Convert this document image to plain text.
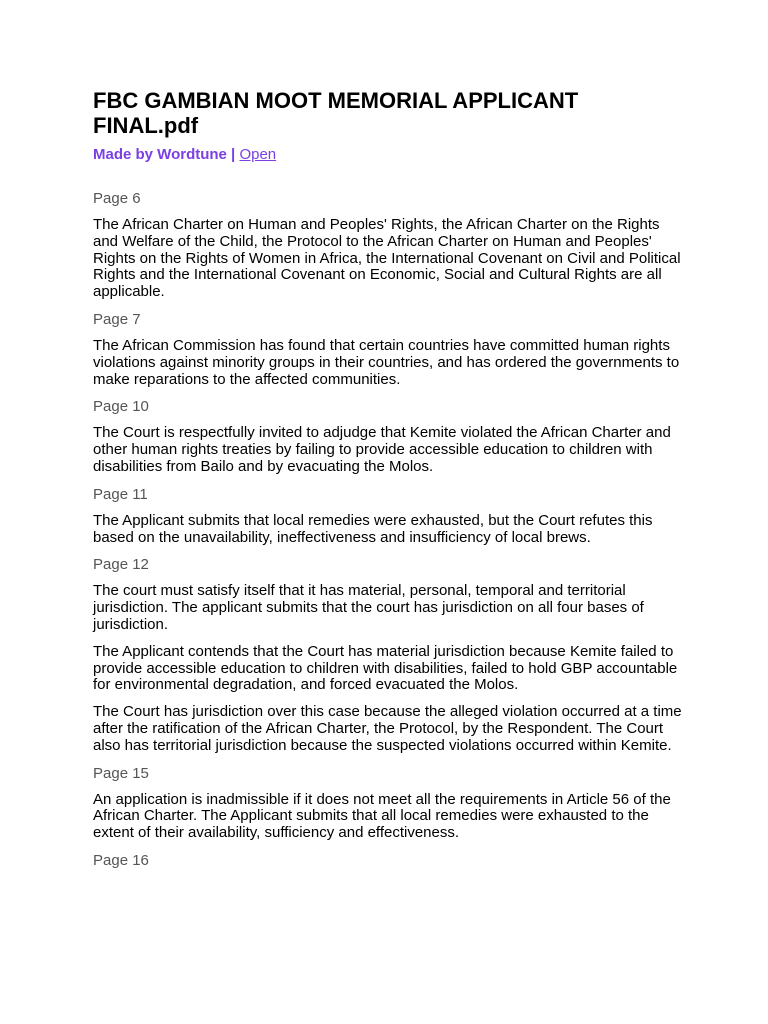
FBC GAMBIAN MOOT MEMORIAL APPLICANT FINAL.pdf
Made by Wordtune | Open
Page 6

The African Charter on Human and Peoples' Rights, the African Charter on the Rights and Welfare of the Child, the Protocol to the African Charter on Human and Peoples' Rights on the Rights of Women in Africa, the International Covenant on Civil and Political Rights and the International Covenant on Economic, Social and Cultural Rights are all applicable.

Page 7

The African Commission has found that certain countries have committed human rights violations against minority groups in their countries, and has ordered the governments to make reparations to the affected communities.

Page 10

The Court is respectfully invited to adjudge that Kemite violated the African Charter and other human rights treaties by failing to provide accessible education to children with disabilities from Bailo and by evacuating the Molos.

Page 11

The Applicant submits that local remedies were exhausted, but the Court refutes this based on the unavailability, ineffectiveness and insufficiency of local brews.

Page 12

The court must satisfy itself that it has material, personal, temporal and territorial jurisdiction. The applicant submits that the court has jurisdiction on all four bases of jurisdiction.

The Applicant contends that the Court has material jurisdiction because Kemite failed to provide accessible education to children with disabilities, failed to hold GBP accountable for environmental degradation, and forced evacuated the Molos.

The Court has jurisdiction over this case because the alleged violation occurred at a time after the ratification of the African Charter, the Protocol, by the Respondent. The Court also has territorial jurisdiction because the suspected violations occurred within Kemite.

Page 15

An application is inadmissible if it does not meet all the requirements in Article 56 of the African Charter. The Applicant submits that all local remedies were exhausted to the extent of their availability, sufficiency and effectiveness.

Page 16
